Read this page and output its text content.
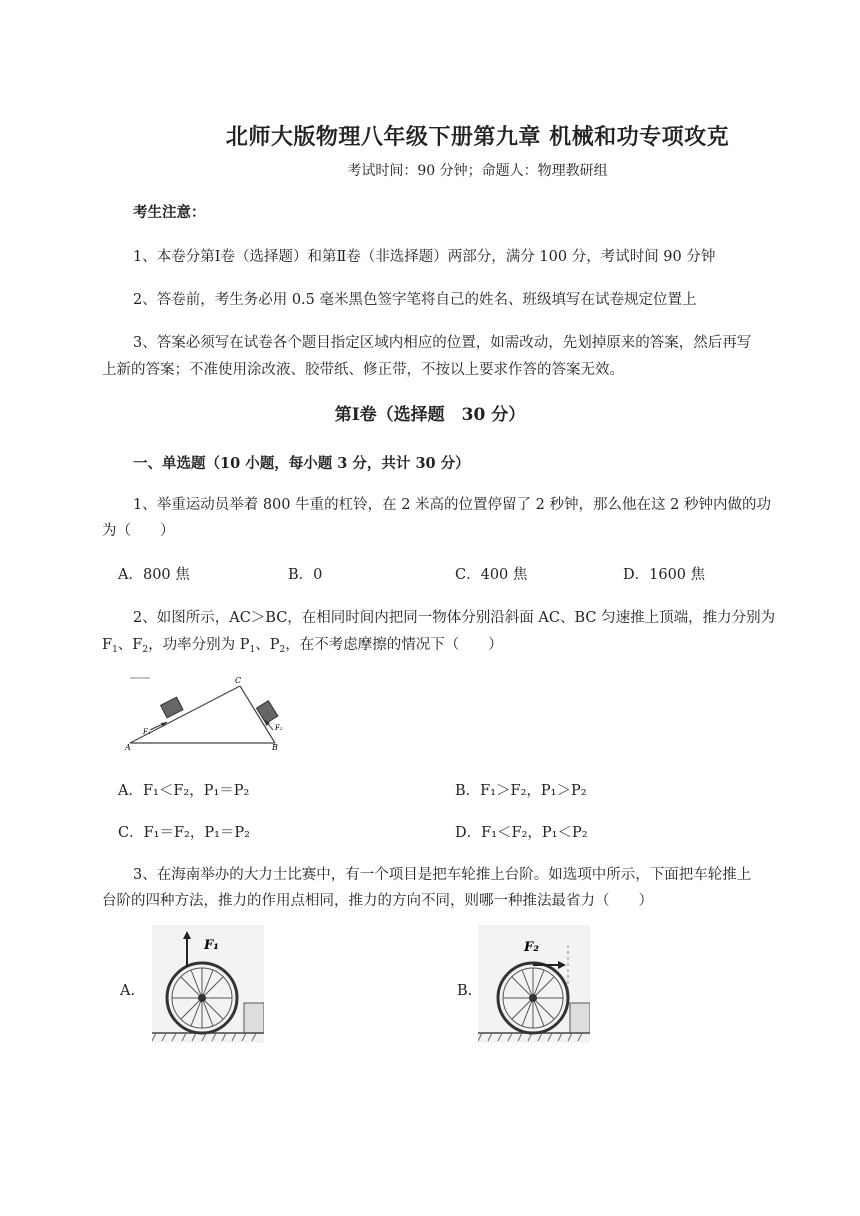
北师大版物理八年级下册第九章 机械和功专项攻克
考试时间：90 分钟；命题人：物理教研组
考生注意：
1、本卷分第Ⅰ卷（选择题）和第Ⅱ卷（非选择题）两部分，满分 100 分，考试时间 90 分钟
2、答卷前，考生务必用 0.5 毫米黑色签字笔将自己的姓名、班级填写在试卷规定位置上
3、答案必须写在试卷各个题目指定区域内相应的位置，如需改动，先划掉原来的答案，然后再写
上新的答案；不准使用涂改液、胶带纸、修正带，不按以上要求作答的答案无效。
第Ⅰ卷（选择题　30 分）
一、单选题（10 小题，每小题 3 分，共计 30 分）
1、举重运动员举着 800 牛重的杠铃，在 2 米高的位置停留了 2 秒钟，那么他在这 2 秒钟内做的功
为（　　）
A．800 焦	B．0	C．400 焦	D．1600 焦
2、如图所示，AC＞BC，在相同时间内把同一物体分别沿斜面 AC、BC 匀速推上顶端，推力分别为
$F_1$、$F_2$，功率分别为 $P_1$、$P_2$，在不考虑摩擦的情况下（　　）
A
C
B
F₁	F₂
A．F₁＜F₂，P₁＝P₂	B．F₁＞F₂，P₁＞P₂
C．F₁＝F₂，P₁＝P₂	D．F₁＜F₂，P₁＜P₂
3、在海南举办的大力士比赛中，有一个项目是把车轮推上台阶。如选项中所示，下面把车轮推上
台阶的四种方法，推力的作用点相同，推力的方向不同，则哪一种推法最省力（　　）
A.
F₁
B.
F₂
